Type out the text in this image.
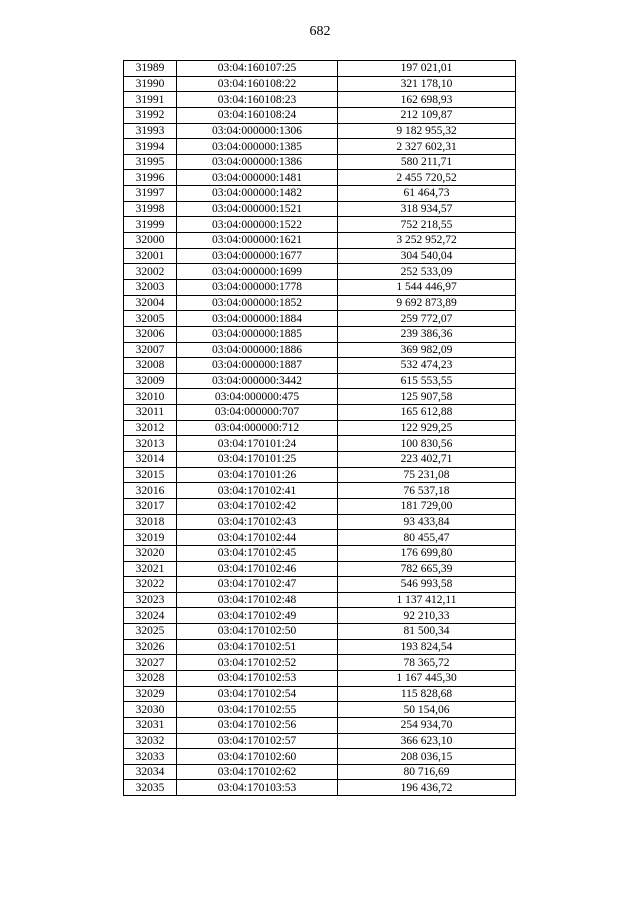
682
31989	03:04:160107:25	197 021,01
31990	03:04:160108:22	321 178,10
31991	03:04:160108:23	162 698,93
31992	03:04:160108:24	212 109,87
31993	03:04:000000:1306	9 182 955,32
31994	03:04:000000:1385	2 327 602,31
31995	03:04:000000:1386	580 211,71
31996	03:04:000000:1481	2 455 720,52
31997	03:04:000000:1482	61 464,73
31998	03:04:000000:1521	318 934,57
31999	03:04:000000:1522	752 218,55
32000	03:04:000000:1621	3 252 952,72
32001	03:04:000000:1677	304 540,04
32002	03:04:000000:1699	252 533,09
32003	03:04:000000:1778	1 544 446,97
32004	03:04:000000:1852	9 692 873,89
32005	03:04:000000:1884	259 772,07
32006	03:04:000000:1885	239 386,36
32007	03:04:000000:1886	369 982,09
32008	03:04:000000:1887	532 474,23
32009	03:04:000000:3442	615 553,55
32010	03:04:000000:475	125 907,58
32011	03:04:000000:707	165 612,88
32012	03:04:000000:712	122 929,25
32013	03:04:170101:24	100 830,56
32014	03:04:170101:25	223 402,71
32015	03:04:170101:26	75 231,08
32016	03:04:170102:41	76 537,18
32017	03:04:170102:42	181 729,00
32018	03:04:170102:43	93 433,84
32019	03:04:170102:44	80 455,47
32020	03:04:170102:45	176 699,80
32021	03:04:170102:46	782 665,39
32022	03:04:170102:47	546 993,58
32023	03:04:170102:48	1 137 412,11
32024	03:04:170102:49	92 210,33
32025	03:04:170102:50	81 500,34
32026	03:04:170102:51	193 824,54
32027	03:04:170102:52	78 365,72
32028	03:04:170102:53	1 167 445,30
32029	03:04:170102:54	115 828,68
32030	03:04:170102:55	50 154,06
32031	03:04:170102:56	254 934,70
32032	03:04:170102:57	366 623,10
32033	03:04:170102:60	208 036,15
32034	03:04:170102:62	80 716,69
32035	03:04:170103:53	196 436,72
